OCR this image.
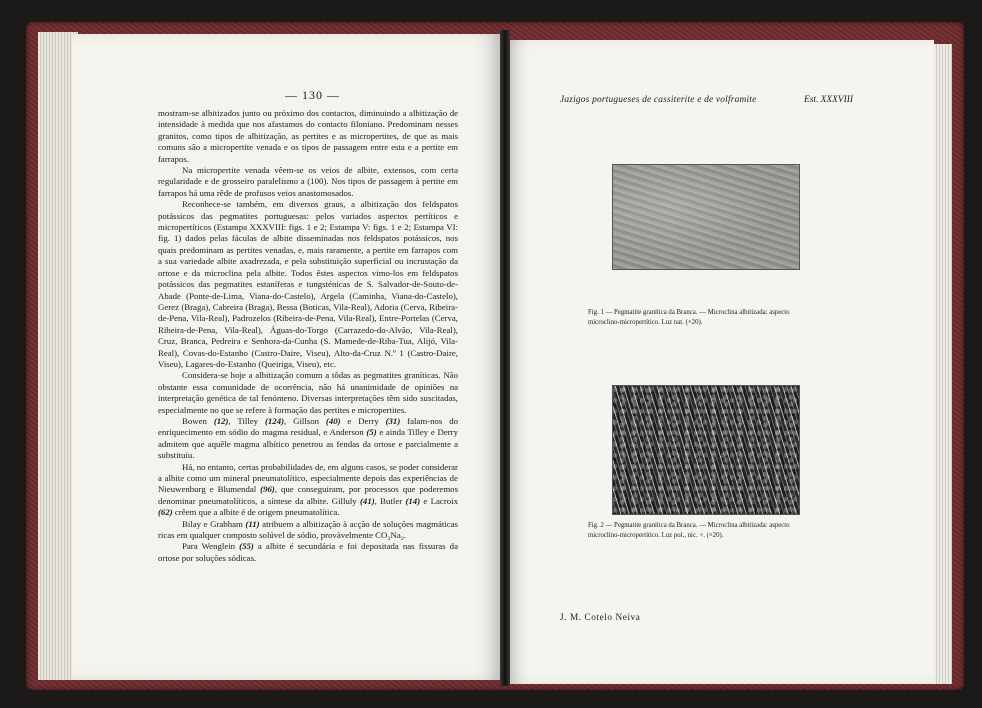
— 130 —

mostram-se albitizados junto ou próximo dos contactos, diminuindo a albitização de intensidade à medida que nos afastamos do contacto filoniano. Predominam nesses granitos, como tipos de albitização, as pertites e as micropertites, de que as mais comuns são a micropertite venada e os tipos de passagem entre esta e a pertite em farrapos.

Na micropertite venada vêem-se os veios de albite, extensos, com certa regularidade e de grosseiro paralelismo a (100). Nos tipos de passagem à pertite em farrapos há uma rêde de profusos veios anastomosados.

Reconhece-se também, em diversos graus, a albitização dos feldspatos potássicos das pegmatites portuguesas: pelos variados aspectos pertíticos e micropertíticos (Estampa XXXVIII: figs. 1 e 2; Estampa V: figs. 1 e 2; Estampa VI: fig. 1) dados pelas fáculas de albite disseminadas nos feldspatos potássicos, nos quais predominam as pertites venadas, e, mais raramente, a pertite em farrapos com a sua variedade albite axadrezada, e pela substituição superficial ou incrustação da ortose e da microclina pela albite. Todos êstes aspectos vimo-los em feldspatos potássicos das pegmatites estaníferas e tungsténicas de S. Salvador-de-Souto-de-Abade (Ponte-de-Lima, Viana-do-Castelo), Argela (Caminha, Viana-do-Castelo), Gerez (Braga), Cabreira (Braga), Bessa (Boticas, Vila-Real), Adoria (Cerva, Ribeira-de-Pena, Vila-Real), Padrozelos (Ribeira-de-Pena, Vila-Real), Entre-Portelas (Cerva, Ribeira-de-Pena, Vila-Real), Águas-do-Torgo (Carrazedo-do-Alvão, Vila-Real), Cruz, Branca, Pedreira e Senhora-da-Cunha (S. Mamede-de-Riba-Tua, Alijó, Vila-Real), Covas-do-Estanho (Castro-Daire, Viseu), Alto-da-Cruz N.º 1 (Castro-Daire, Viseu), Lagares-do-Estanho (Queiriga, Viseu), etc.

Considera-se hoje a albitização comum a tôdas as pegmatites graníticas. Não obstante essa comunidade de ocorrência, não há unanimidade de opiniões na interpretação genética de tal fenómeno. Diversas interpretações têm sido suscitadas, especialmente no que se refere à formação das pertites e micropertites.

Bowen (12), Tilley (124), Gillson (40) e Derry (31) falam-nos do enriquecimento em sódio do magma residual, e Anderson (5) e ainda Tilley e Derry admitem que aquêle magma albítico penetrou as fendas da ortose e parcialmente a substituíu.

Há, no entanto, certas probabilidades de, em alguns casos, se poder considerar a albite como um mineral pneumatolítico, especialmente depois das experiências de Nieuwenburg e Blumendal (96), que conseguiram, por processos que poderemos denominar pneumatolíticos, a síntese da albite. Gilluly (41), Butler (14) e Lacroix (62) crêem que a albite é de origem pneumatolítica.

Bilay e Grabham (11) atribuem a albitização à acção de soluções magmáticas ricas em qualquer composto solúvel de sódio, provàvelmente CO₃Na₂.

Para Wenglein (55) a albite é secundária e foi depositada nas fissuras da ortose por soluções sódicas.

Jazigos portugueses de cassiterite e de volframite	Est. XXXVIII
Fig. 1 — Pegmatite granítica da Branca. — Microclina albitizada: aspecto microclino-micropertítico. Luz nat. (×20).
Fig. 2 — Pegmatite granítica da Branca. — Microclina albitizada: aspecto microclino-micropertítico. Luz pol., nic. +. (×20).
J. M. Cotelo Neiva
